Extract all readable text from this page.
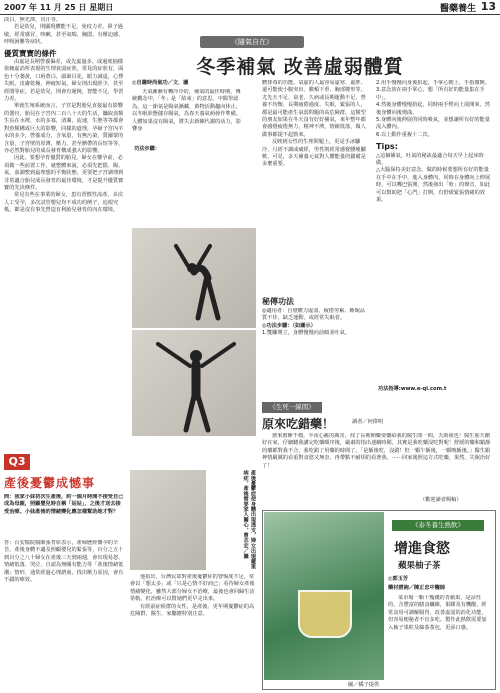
2007 年 11 月 25 日 星期日	醫藥養生 13

淡白，無光澤，冒汗等。

若是幼兒，則顯現體能不足，免疫力差，鼻子過敏，經常感冒，咳嗽，甚至氣喘、胸悶、有壓迫感、呼吸困難等症狀。

優質寶寶的條件

由虛是長期營養偏差，或先虛過多，或過度抽樣依賴虛消所表現的生理衰弱症狀，常見的症狀有，面色十分萎黃，口唇蒼白，頭暈目花，眼力減退，心悸失眠，皮膚乾燥，神疲短氣，婦女則出現經少，甚至經閉等症。若是幼兒，則會有遲鈍，智能不足，學習力差。

單就生殖系統而言，子宮是對胎兒直接最有影響的器官，胎兒在子宮內二百八十天的生活，攝取血類生長在水裡，水的多寡，清濁，流速，生態等等都會對魚類構成巨大的影響，同樣的道理，孕婦子宮內羊水的多少，營養成分，含氧量，有無污染，質爾蒙的含量，子宮壁的厚薄，壓力，甚至臍帶的長短等等，亦必然對胎兒的成長發育構成強大的影響。

因此，要想孕育優質的胎兒，婦女在懷孕前，必須做一些前置工作，就整體來說，必須先把陰、陽、氣、血調整到最理想的平衡狀態，更要把子宮調理到非常適合胎兒成長發育的最佳環境，才是提升優質寶寶的先決條件。

常見有些在事業的婦女，患有習慣性流產，多次人工受孕，多次試管嬰兒均不成功的例子，追根究柢，都是沒有事先營造有利胎兒發育的內在環境。

《隨氣自在》
冬季補氣 改善虛弱體質
◎自賺時尚氣功／文．圖

天氣漸漸有轉冷冷的，補氣的最佳時期，傳統觀念中，「冬」是「結束」的意思。中醫學認為，這一節氣是陽氣漸藏，萬物活動趨向休止，以冬眠狀態儲存陽氣，為春天養氣萌發作準備。人體如果沒有陽氣，將失去新陳代謝的活力，影響身

功法步驟：

體排毒的功能。氣虛的人最容易虛寒、虛胖、還可能使小腹突出、臉頰下垂、胸部變形等。尤先天不足、衰老、久病或長期運動不足、營養不均衡、長期疲倦過度、失眠、緊張的人，都是最可能產生氣弱問題的高危險群，這類型的朋友如果在冬天沒有好好補氣，來年整年都會感覺疲倦無力，精神不濟，情緒低落，做人做事都提不起勁來。

反映到女性的生理問題上，更是手冰腳冷、月經不調或痛經，男性則經常感覺腰痠腳軟、可見，多天補養元氣對人體能量的儲備是多麼重要。

秘傳功法

◎適用者：自覺體力虛弱、疲倦勞累、睡眠品質不佳、缺乏運動、或經常失眠者。

◎功法步驟：（如圖示）

1.雙腳開立，身體慢慢向前傾並吐氣。

2.用手慢慢向身後拍起，手掌心朝上，手指微開。

3.意念放在兩手掌心，想「所有好的能量集在手中」。

4.然後身體慢慢抬起，同時兩手臂向上展開來，然後身體向後彎曲。

5.身體向後伸展的同時吸氣，並想讓所有好的能量流入體內。

6.以上動作重複十二次。

Tips:

△這個補氣，吐氣的秘訣最適合每天早上起床時做。

△大腦保持美好意念，做的時候要想所有好的能量在手中在手中，進入身體內，同時在身體向上伸展時，可以嘴巴張開，然後發出「哈」的聲音，如此可以幫助把「心門」打開，有舒緩緊張情緒的效果。

功法指導:www.e-qi.com.t
《生死一線間》
原來吃錯藥！	讀者／何偉明

愈來愈睡不穩，半夜心跳的厲害，找了長期開藥要藥給我的醫生問一問，天助我也！醫生那天剛好在家，仔細聽我講完吃藥順序後，嚴肅的指出連續時間，其實是我吃藥沒吃對呢！舒緩的藥和鎮靜的藥都對我不合，我吃錯了用藥的時間了。「是飯後吃，沒錯！但一顆午飯後，一顆晚飯後。」醫生跟神情嚴厲的看重對食慾又無奈，再帶點不耐煩的看著我，⋯⋯回家後照這方式吃藥，果然，失眠治好了！

（歡迎讀者賜稿）
Q3
產後憂鬱成憾事

問：我家小妹初次生產後，約一個月時開不接受自己成為母親，照顧嬰兒時自稱「姑姑」，之後才送去接受治療。小妹產後的情緒變化應怎樣幫助她才對？

答：台安醫院醫師張育彰表示，產婦歷經懷孕的辛苦，產後身體不適及照顧嬰兒的緊張等，百分之五十到百分之八十婦女在產後三天到兩週，會出現易怒、情緒低落、哭泣，自認為無關有能力等「產後情緒低潮」情形，通常經過心理諮商，找出壓力原因，會有不錯的療效。

產後憂鬱症使身體出現透支，婦女出現嚴重病症，產後需要家人關心，曹志宏／攝

他指出，台灣民眾對產後憂鬱症的警惕度不足，常會以「想太多」或「只是心情不好而已」看待婦女產後情緒變化，雖然大部分婦女不治療，最後也會回歸生活常軌，但治療可以幫她們更早走出來。

有經前症候群的女性，是產後、更年期憂鬱症的高危險群，醫生、家屬應特別注意。

《泰冬養生熱飲》
增進食慾
蘋果柚子茶
◎郭玉芳
藥材諮詢／陳正忠中醫師

菜市場一顆十幾錢的青蘋果，是涼性的，含豐富的膳食纖維，果膠及有機酸，經常食用可調解腸胃，改善虛弱的消化功能，但容易便秘者不宜多吃。製作此熱飲需要加入柚子果粒及綠茶茶包，更添口感。

圖／橘子提供
